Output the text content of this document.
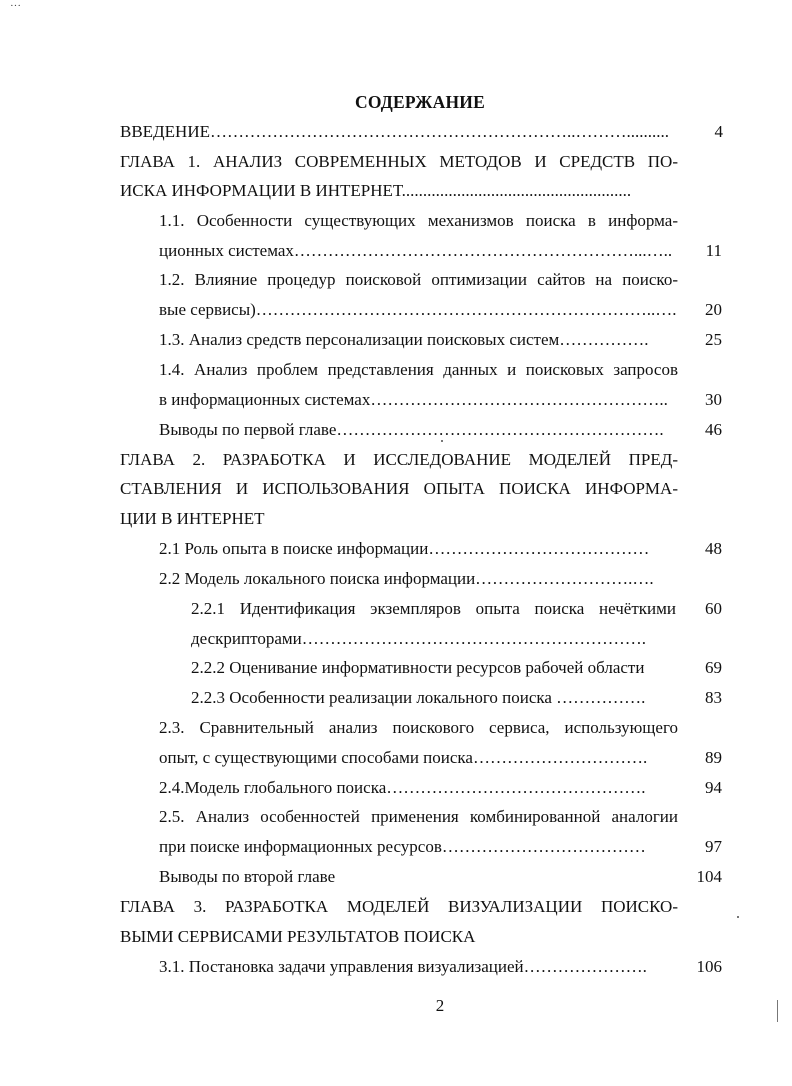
···
СОДЕРЖАНИЕ
ВВЕДЕНИЕ………………………………………………………..………..........	4
ГЛАВА 1. АНАЛИЗ СОВРЕМЕННЫХ МЕТОДОВ И СРЕДСТВ ПО-
ИСКА ИНФОРМАЦИИ В ИНТЕРНЕТ......................................................
1.1. Особенности существующих механизмов поиска в информа-
ционных системах……………………………………………………...…..	11
1.2. Влияние процедур поисковой оптимизации сайтов на поиско-
вые сервисы)……………………………………………………………..….	20
1.3. Анализ средств персонализации поисковых систем…………….	25
1.4. Анализ проблем представления данных и поисковых запросов
в информационных системах……………………………………………..	30
Выводы по первой главе………………………………………………….	46
ГЛАВА 2. РАЗРАБОТКА И ИССЛЕДОВАНИЕ МОДЕЛЕЙ ПРЕД-
СТАВЛЕНИЯ И ИСПОЛЬЗОВАНИЯ ОПЫТА ПОИСКА ИНФОРМА-
ЦИИ В ИНТЕРНЕТ
2.1 Роль опыта в поиске информации…………………………………	48
2.2 Модель локального поиска информации……………………….….
2.2.1 Идентификация экземпляров опыта поиска нечёткими	60
дескрипторами…………………………………………………….
2.2.2 Оценивание информативности ресурсов рабочей области	69
2.2.3 Особенности реализации локального поиска …………….	83
2.3. Сравнительный анализ поискового сервиса, использующего
опыт, с существующими способами поиска………………………….	89
2.4.Модель глобального поиска……………………………………….	94
2.5. Анализ особенностей применения комбинированной аналогии
при поиске информационных ресурсов………………………………	97
Выводы по второй главе	104
ГЛАВА 3. РАЗРАБОТКА МОДЕЛЕЙ ВИЗУАЛИЗАЦИИ ПОИСКО-
ВЫМИ СЕРВИСАМИ РЕЗУЛЬТАТОВ ПОИСКА
3.1. Постановка задачи управления визуализацией………………….	106
2
